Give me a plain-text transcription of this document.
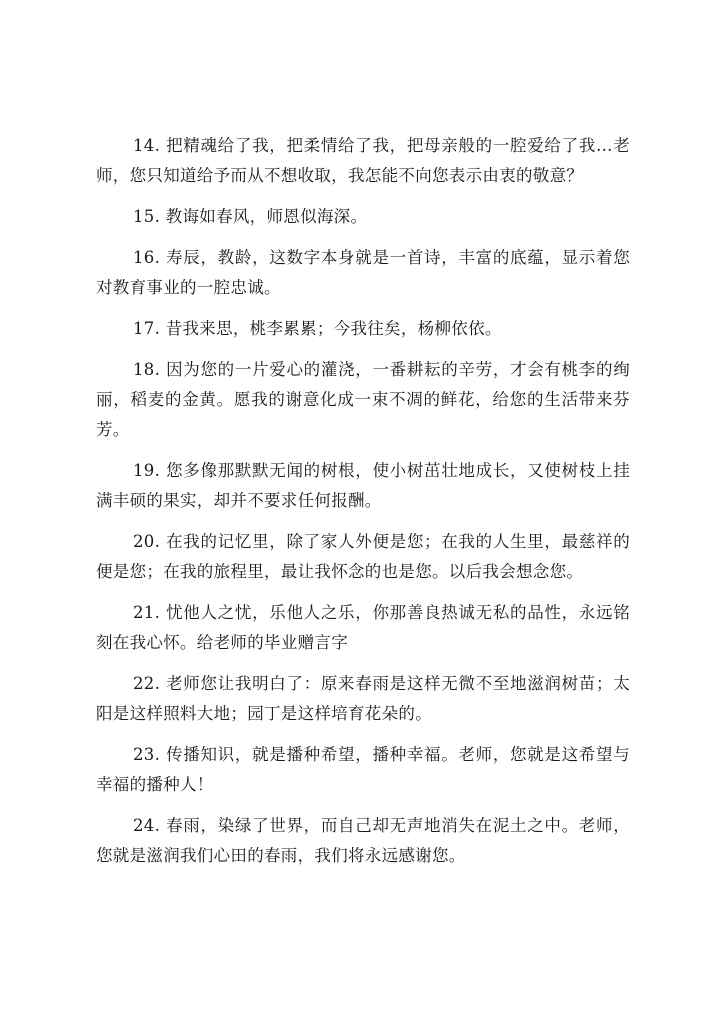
14. 把精魂给了我，把柔情给了我，把母亲般的一腔爱给了我…老师，您只知道给予而从不想收取，我怎能不向您表示由衷的敬意？

15. 教诲如春风，师恩似海深。

16. 寿辰，教龄，这数字本身就是一首诗，丰富的底蕴，显示着您对教育事业的一腔忠诚。

17. 昔我来思，桃李累累；今我往矣，杨柳依依。

18. 因为您的一片爱心的灌浇，一番耕耘的辛劳，才会有桃李的绚丽，稻麦的金黄。愿我的谢意化成一束不凋的鲜花，给您的生活带来芬芳。

19. 您多像那默默无闻的树根，使小树茁壮地成长，又使树枝上挂满丰硕的果实，却并不要求任何报酬。

20. 在我的记忆里，除了家人外便是您；在我的人生里，最慈祥的便是您；在我的旅程里，最让我怀念的也是您。以后我会想念您。

21. 忧他人之忧，乐他人之乐，你那善良热诚无私的品性，永远铭刻在我心怀。给老师的毕业赠言字

22. 老师您让我明白了：原来春雨是这样无微不至地滋润树苗；太阳是这样照料大地；园丁是这样培育花朵的。

23. 传播知识，就是播种希望，播种幸福。老师，您就是这希望与幸福的播种人！

24. 春雨，染绿了世界，而自己却无声地消失在泥土之中。老师，您就是滋润我们心田的春雨，我们将永远感谢您。
